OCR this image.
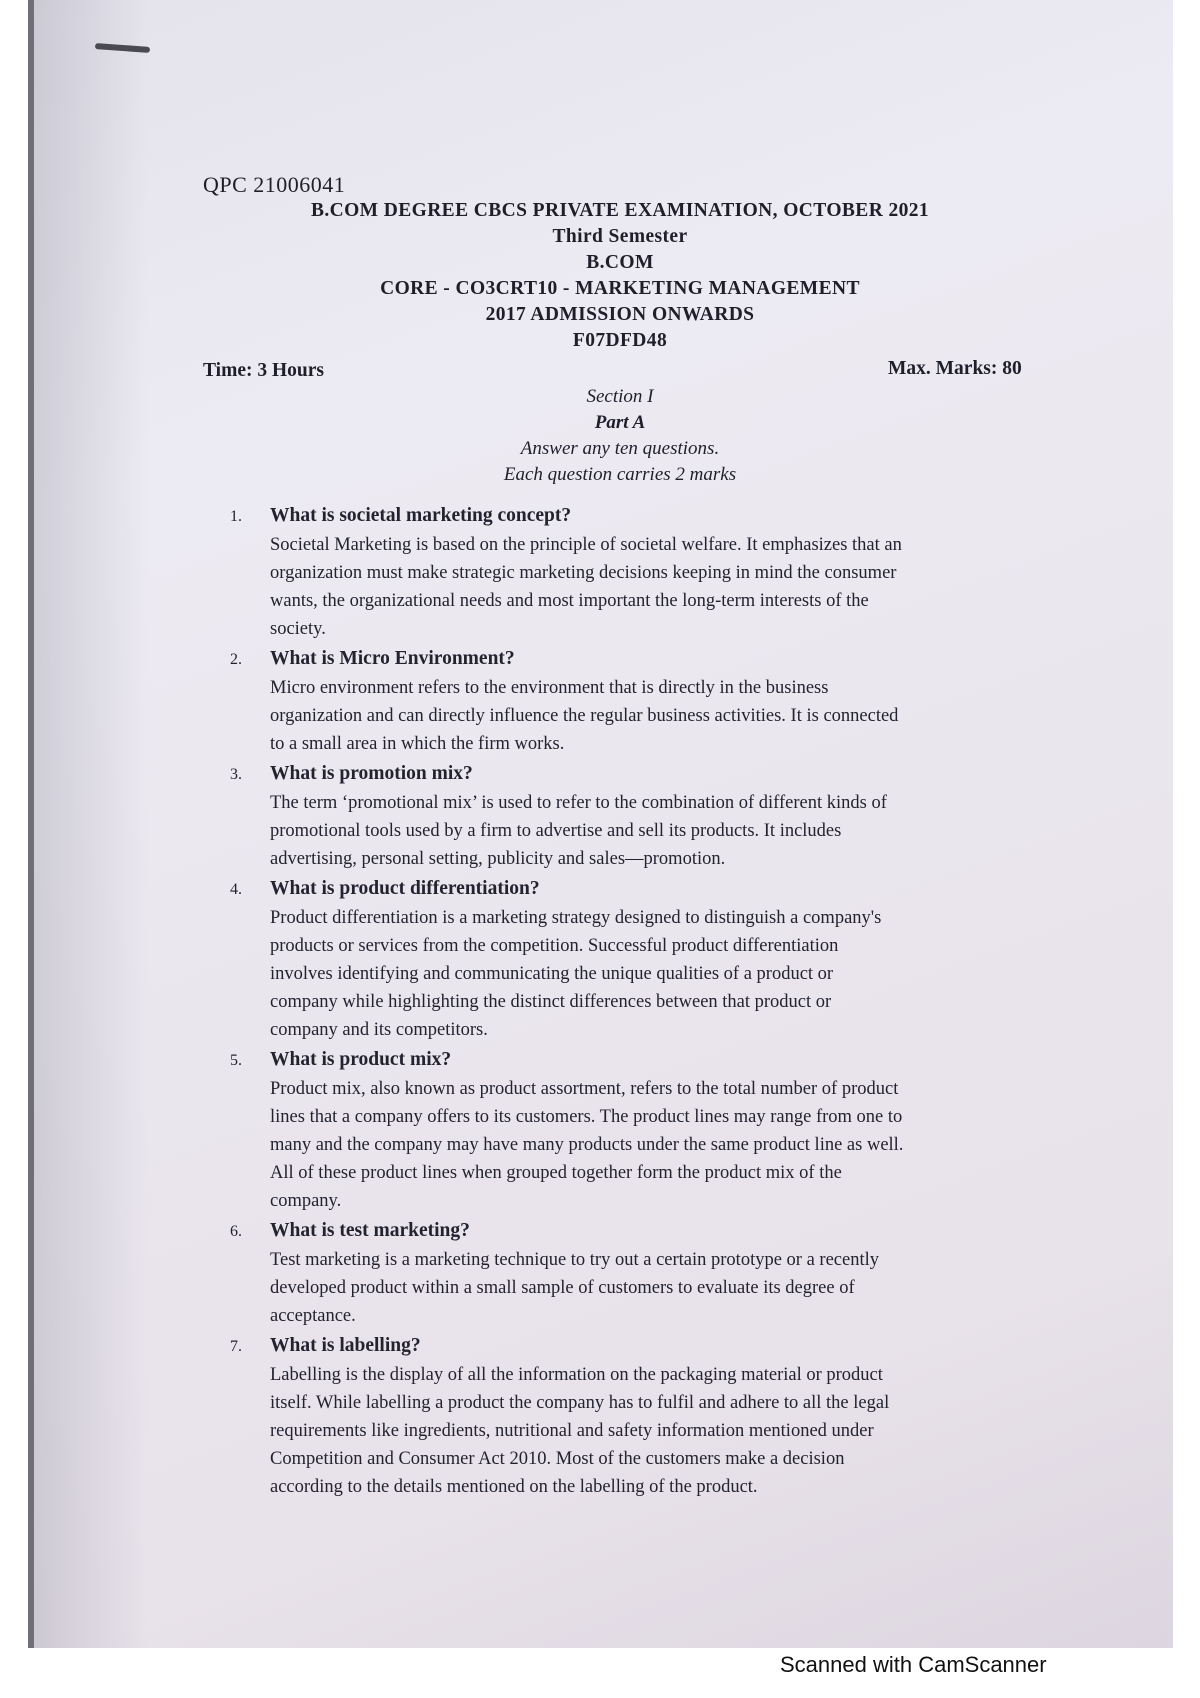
QPC 21006041
B.COM DEGREE CBCS PRIVATE EXAMINATION, OCTOBER 2021
Third Semester
B.COM
CORE - CO3CRT10 - MARKETING MANAGEMENT
2017 ADMISSION ONWARDS
F07DFD48
Time: 3 Hours	Max. Marks: 80
Section I
Part A
Answer any ten questions.
Each question carries 2 marks
1.	What is societal marketing concept?
Societal Marketing is based on the principle of societal welfare. It emphasizes that an
organization must make strategic marketing decisions keeping in mind the consumer
wants, the organizational needs and most important the long-term interests of the
society.
2.	What is Micro Environment?
Micro environment refers to the environment that is directly in the business
organization and can directly influence the regular business activities. It is connected
to a small area in which the firm works.
3.	What is promotion mix?
The term ‘promotional mix’ is used to refer to the combination of different kinds of
promotional tools used by a firm to advertise and sell its products. It includes
advertising, personal setting, publicity and sales—promotion.
4.	What is product differentiation?
Product differentiation is a marketing strategy designed to distinguish a company's
products or services from the competition. Successful product differentiation
involves identifying and communicating the unique qualities of a product or
company while highlighting the distinct differences between that product or
company and its competitors.
5.	What is product mix?
Product mix, also known as product assortment, refers to the total number of product
lines that a company offers to its customers. The product lines may range from one to
many and the company may have many products under the same product line as well.
All of these product lines when grouped together form the product mix of the
company.
6.	What is test marketing?
Test marketing is a marketing technique to try out a certain prototype or a recently
developed product within a small sample of customers to evaluate its degree of
acceptance.
7.	What is labelling?
Labelling is the display of all the information on the packaging material or product
itself. While labelling a product the company has to fulfil and adhere to all the legal
requirements like ingredients, nutritional and safety information mentioned under
Competition and Consumer Act 2010. Most of the customers make a decision
according to the details mentioned on the labelling of the product.
Scanned with CamScanner
